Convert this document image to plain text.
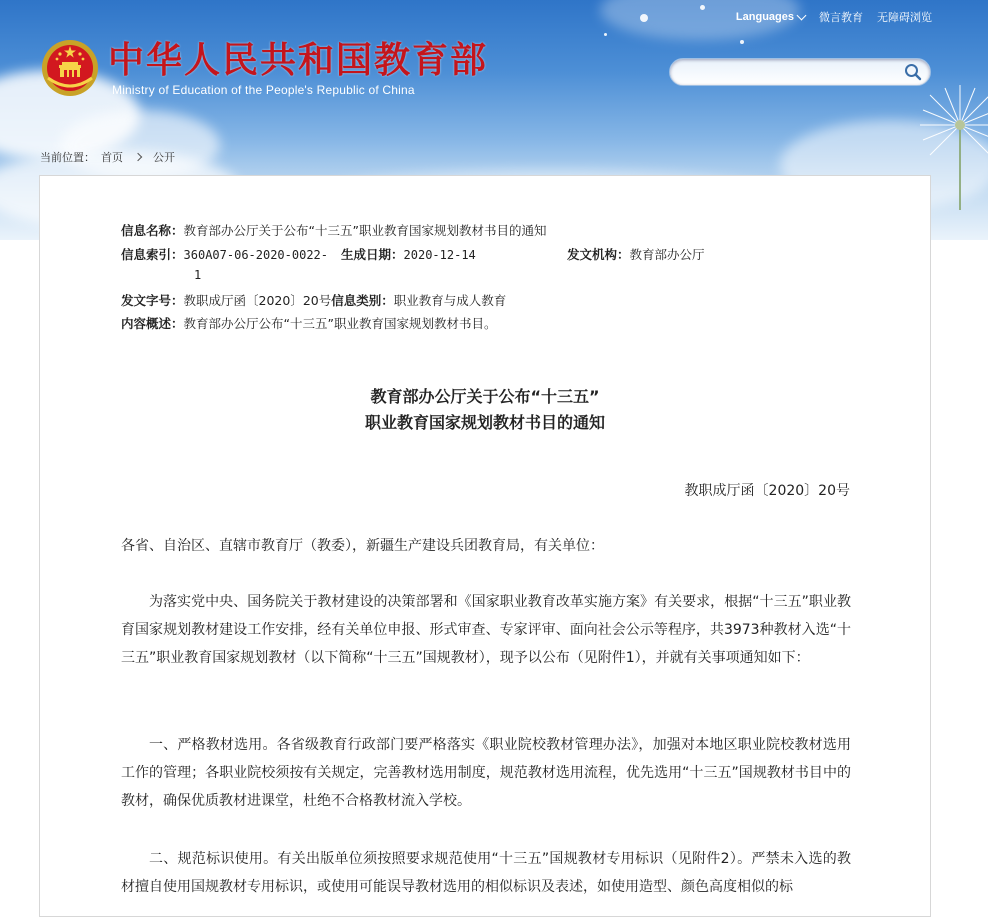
Languages 微言教育 无障碍浏览
中华人民共和国教育部
Ministry of Education of the People's Republic of China
当前位置： 首页	公开
信息名称：教育部办公厅关于公布“十三五”职业教育国家规划教材书目的通知
信息索引：360A07-06-2020-0022-
1
生成日期：2020-12-14	发文机构：教育部办公厅
发文字号：教职成厅函〔2020〕20号信息类别：职业教育与成人教育
内容概述：教育部办公厅公布“十三五”职业教育国家规划教材书目。
教育部办公厅关于公布“十三五”
职业教育国家规划教材书目的通知
教职成厅函〔2020〕20号
各省、自治区、直辖市教育厅（教委），新疆生产建设兵团教育局，有关单位：
为落实党中央、国务院关于教材建设的决策部署和《国家职业教育改革实施方案》有关要求，根据“十三五”职业教育国家规划教材建设工作安排，经有关单位申报、形式审查、专家评审、面向社会公示等程序，共3973种教材入选“十三五”职业教育国家规划教材（以下简称“十三五”国规教材），现予以公布（见附件1），并就有关事项通知如下：
一、严格教材选用。各省级教育行政部门要严格落实《职业院校教材管理办法》，加强对本地区职业院校教材选用工作的管理；各职业院校须按有关规定，完善教材选用制度，规范教材选用流程，优先选用“十三五”国规教材书目中的教材，确保优质教材进课堂，杜绝不合格教材流入学校。
二、规范标识使用。有关出版单位须按照要求规范使用“十三五”国规教材专用标识（见附件2）。严禁未入选的教材擅自使用国规教材专用标识，或使用可能误导教材选用的相似标识及表述，如使用造型、颜色高度相似的标
